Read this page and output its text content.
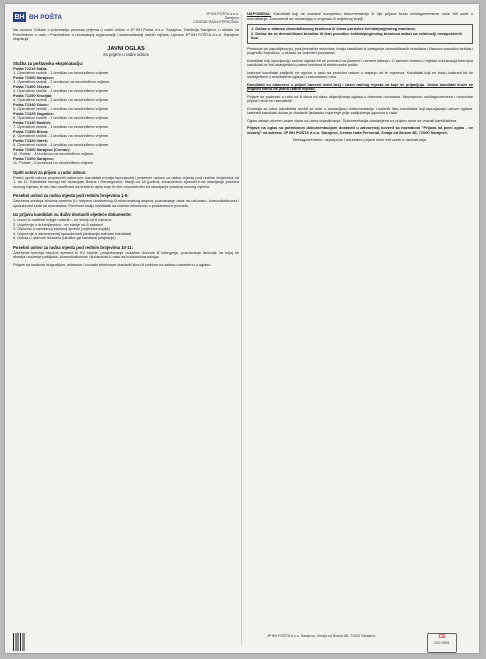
BH BH POŠTA	JP BH POŠTA d.o.o.
Sarajevo
CENTAR RADA PERSONAL

Na osnovu Odluke o pokretanju procesa prijema u radni odnos u JP BH Pošta d.o.o. Sarajevo, Direkcija Sarajevo, u skladu sa Pravilnikom o radu i Pravilnikom o unutrašnjoj organizaciji i sistematizaciji radnih mjesta, Uprava JP BH POŠTA d.o.o. Sarajevo raspisuje

JAVNI OGLAS
za prijem u radni odnos
Služba za poštansku eksploataciju:
Pošta 71210 Ilidža:
1. Operativni radnik - 1 izvršilac na neodređeno vrijeme
Pošta 71000 Sarajevo:
2. Operativni radnik - 2 izvršioca na neodređeno vrijeme
Pošta 71300 Visoko:
3. Operativni radnik - 1 izvršilac na neodređeno vrijeme
Pošta 71250 Kiseljak:
4. Operativni radnik - 1 izvršilac na neodređeno vrijeme
Pošta 71340 Olovo:
5. Operativni radnik - 1 izvršilac na neodređeno vrijeme
Pošta 71320 Vogošća:
6. Operativni radnik - 1 izvršilac na neodređeno vrijeme
Pošta 71240 Hadžići:
7. Operativni radnik - 1 izvršilac na neodređeno vrijeme
Pošta 71350 Breza:
8. Operativni radnik - 1 izvršilac na neodređeno vrijeme
Pošta 71320 Vareš:
9. Operativni radnik - 1 izvršilac na neodređeno vrijeme
Pošta 71000 Sarajevo (Centar):
10. Poštar - 3 izvršioca na neodređeno vrijeme
Pošta 71000 Sarajevo:
11. Poštar - 2 izvršioca na neodređeno vrijeme
Opšti uslovi za prijem u radni odnos:

Pored općih uslova propisanih zakonom, kandidati moraju ispunjavati i posebne uslove za radna mjesta pod rednim brojevima od 1. do 11. Kandidati moraju biti državljani Bosne i Hercegovine, stariji od 18 godina, zdravstveno sposobni za obavljanje poslova radnog mjesta, te da nisu osuđivani za krivično djelo koje ih čini nepodobnim za obavljanje poslova radnog mjesta.

Posebni uslovi za radna mjesta pod rednim brojevima 1-9:

Završena srednja stručna sprema (IV stepen) društvenog ili ekonomskog smjera, poznavanje rada na računaru, komunikativnost i sposobnost rada sa strankama. Prednost imaju kandidati sa radnim iskustvom u poštanskom prometu.

Uz prijavu kandidati su dužni dostaviti sljedeće dokumente:
1. Izvod iz matične knjige rođenih - ne stariji od 6 mjeseci
2. Uvjerenje o državljanstvu - ne starije od 6 mjeseci
3. Diploma o završenoj stručnoj spremi (ovjerena kopija)
4. Uvjerenje o zdravstvenoj sposobnosti (dostavlja izabrani kandidat)
5. Dokaz o radnom iskustvu (ukoliko ga kandidat posjeduje)
Posebni uslovi za radna mjesta pod rednim brojevima 10-11:

Završena srednja stručna sprema ili KV radnik, posjedovanje vozačke dozvole B kategorije, poznavanje teritorije na kojoj se obavlja uručenje pošiljaka, komunikativnost i ljubaznost u radu sa korisnicima usluga.

Prijave sa kratkom biografijom, adresom i kontakt telefonom dostaviti lično ili poštom na adresu navedenu u oglasu.

NAPOMENA: Kandidati koji ne dostave kompletnu dokumentaciju ili čije prijave budu neblagovremene neće biti uzeti u razmatranje. Dokumenti se dostavljaju u originalu ili ovjerenoj kopiji.

1. Dokaz o statusu demobilisanog branioca ili člana porodice šehida/poginulog branioca;
2. Dokaz da se demobilisani branilac ili član porodice šehida/poginulog branioca nalazi na evidenciji nezaposlenih lica.

Prednost pri zapošljavanju, pod jednakim uslovima, imaju kandidati iz kategorije demobilisanih branilaca i članova porodica šehida i poginulih branilaca, u skladu sa važećim propisima.

Kandidati koji ispunjavaju uslove oglasa bit će pozvani na pismeni i usmeni intervju. O tačnom terminu i mjestu održavanja intervjua kandidati će biti obaviješteni putem telefona ili elektronske pošte.

Izabrani kandidati zaključit će ugovor o radu sa probnim radom u trajanju od tri mjeseca. Kandidati koji ne budu izabrani bit će obaviješteni o rezultatima oglasa u zakonskom roku.

Kandidati su obavezni u prijavi navesti redni broj i naziv radnog mjesta za koje se prijavljuju. Jedan kandidat može se prijaviti samo na jedno radno mjesto.

Prijave se podnose u roku od 8 dana od dana objavljivanja oglasa u dnevnim novinama. Nepotpune, neblagovremene i neuredne prijave neće se razmatrati.

Komisija za izbor kandidata izvršit će uvid u dostavljenu dokumentaciju i sačiniti listu kandidata koji ispunjavaju uslove oglasa. Izabrani kandidat dužan je dostaviti ljekarsko uvjerenje prije zaključenja ugovora o radu.

Oglas ostaje otvoren osam dana od dana objavljivanja. Dokumentacija dostavljena uz prijavu neće se vraćati kandidatima.

Prijave na oglas sa potrebnom dokumentacijom dostaviti u zatvorenoj koverti sa naznakom "Prijava na javni oglas - ne otvaraj" na adresu: JP BH POŠTA d.o.o. Sarajevo, Centar rada Personal, Zmaja od Bosne 88, 71000 Sarajevo.

Neblagovremene, nepotpune i neuredne prijave neće biti uzete u razmatranje.

JP BH POŠTA d.o.o. Sarajevo, Zmaja od Bosne 88, 71000 Sarajevo	CE
ISO 9001
